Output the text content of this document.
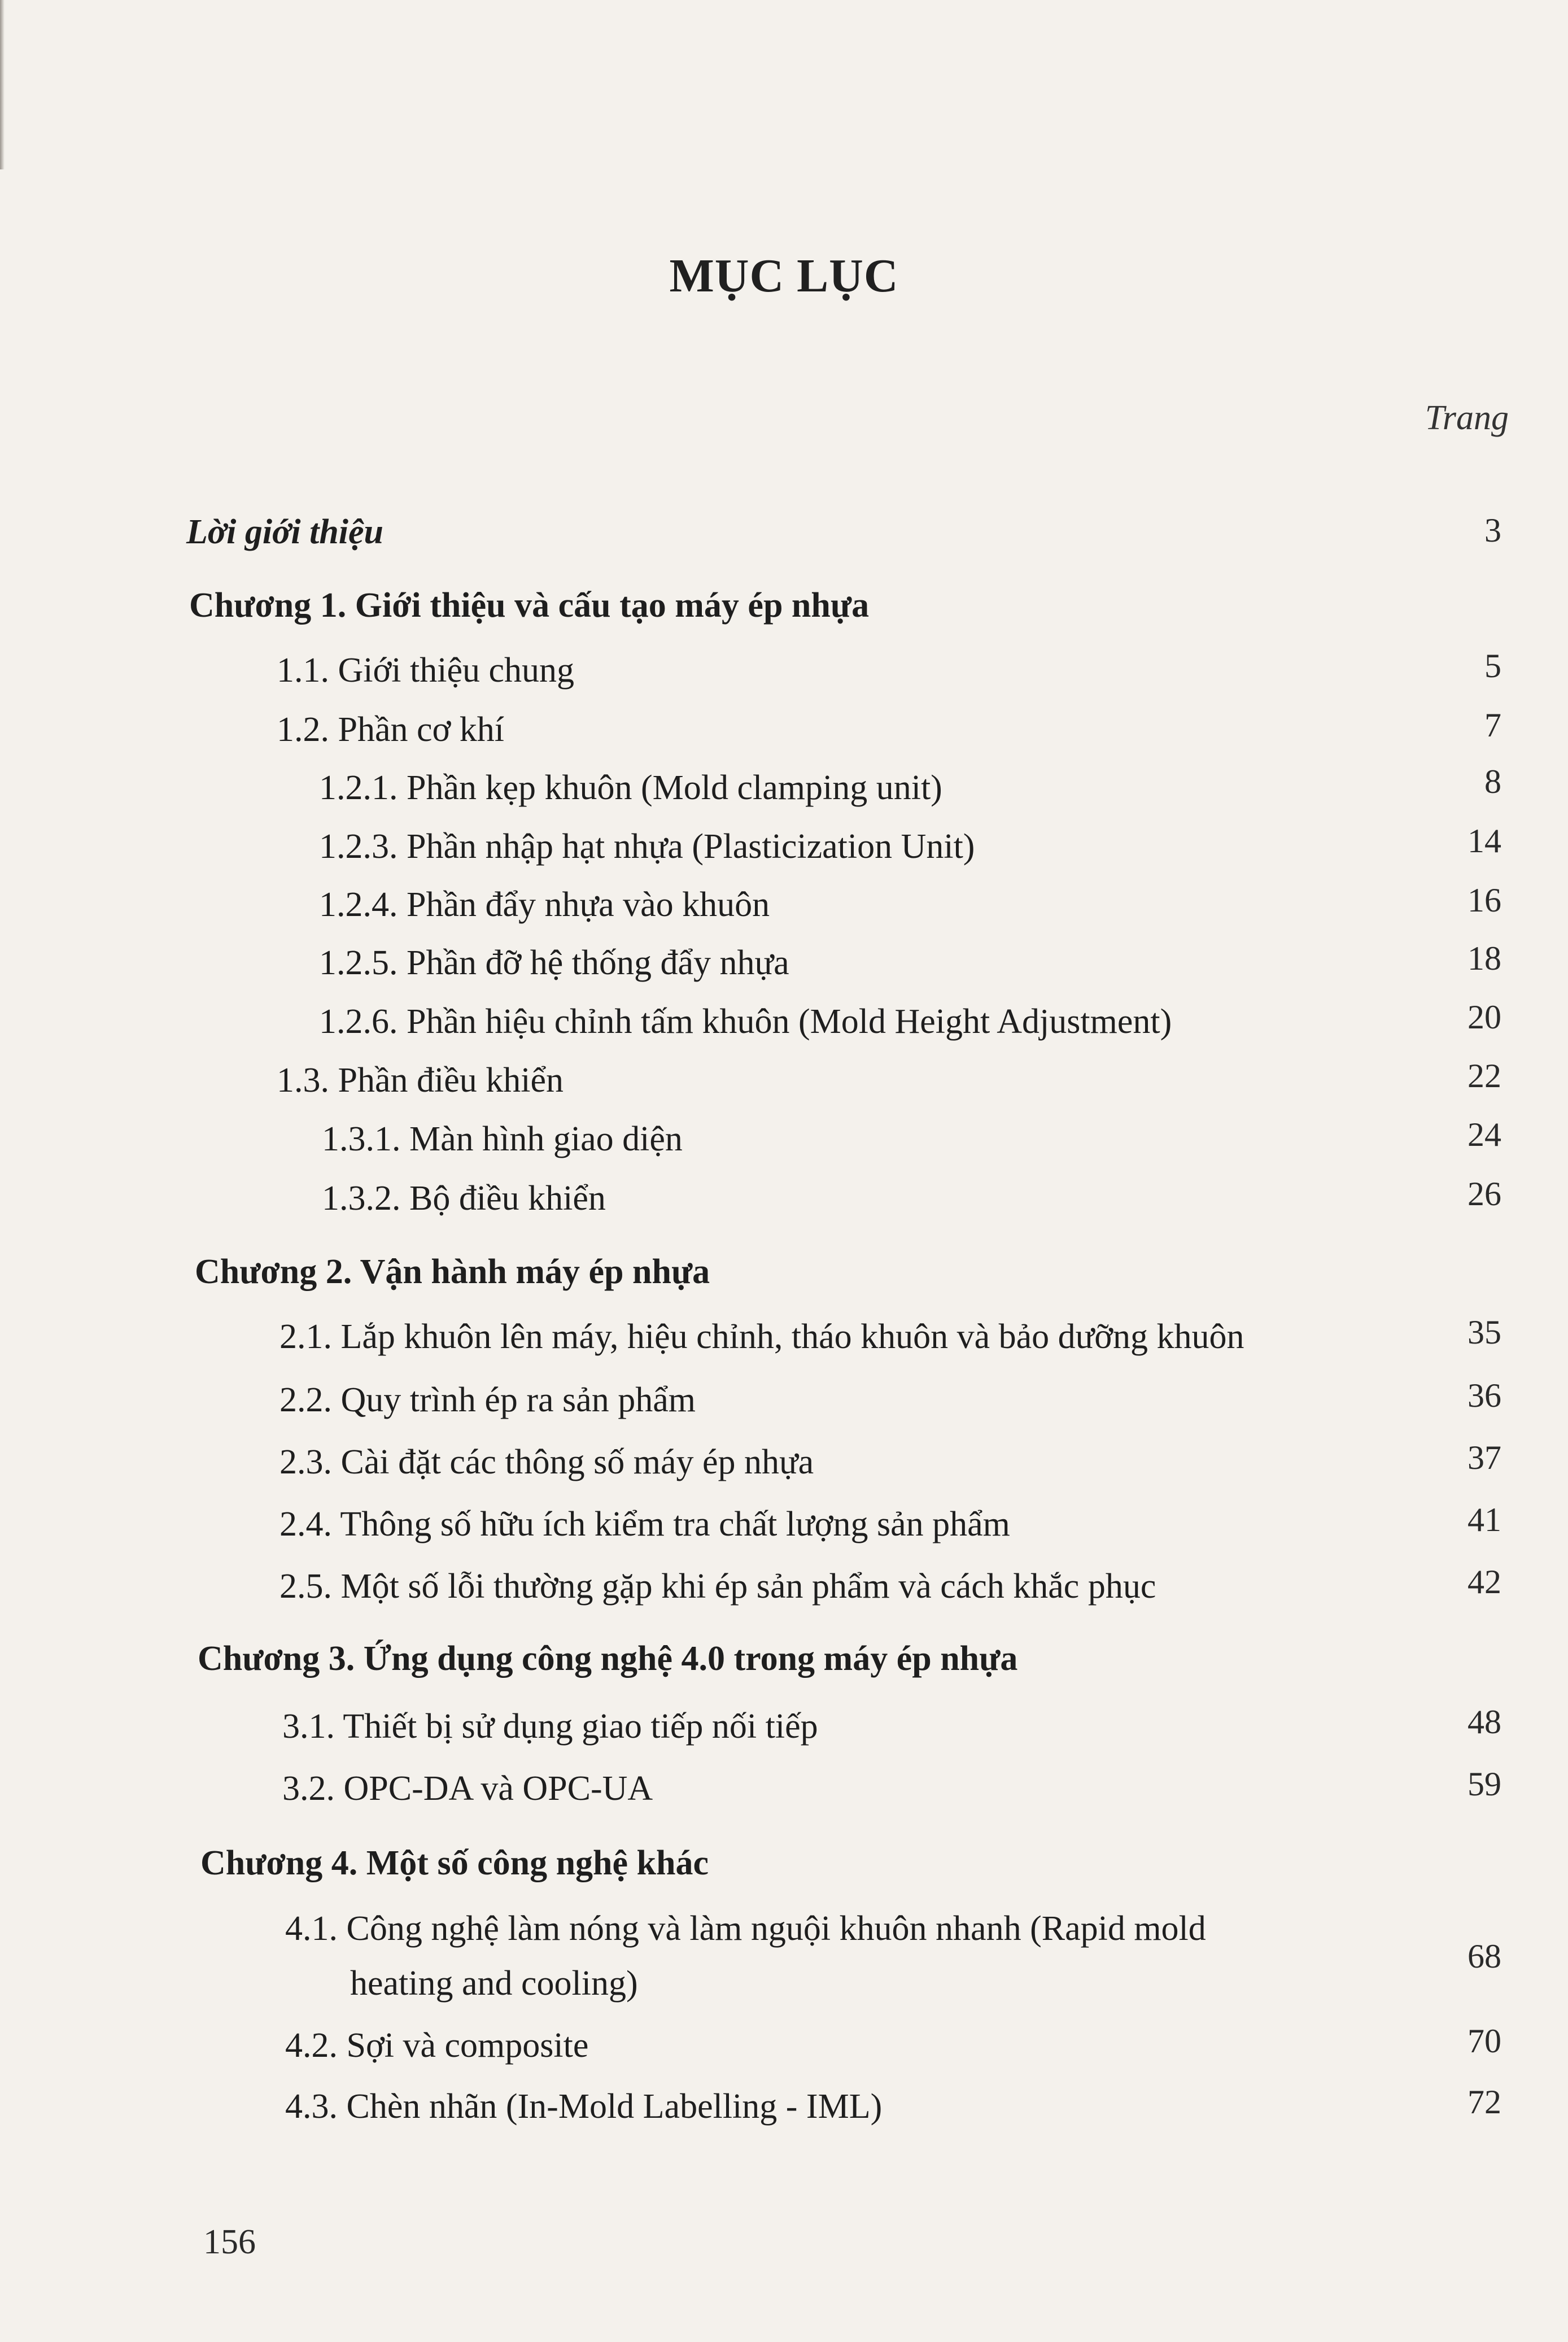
MỤC LỤC
Trang
Lời giới thiệu	3
Chương 1. Giới thiệu và cấu tạo máy ép nhựa
1.1. Giới thiệu chung	5
1.2. Phần cơ khí	7
1.2.1. Phần kẹp khuôn (Mold clamping unit)	8
1.2.3. Phần nhập hạt nhựa (Plasticization Unit)	14
1.2.4. Phần đẩy nhựa vào khuôn	16
1.2.5. Phần đỡ hệ thống đẩy nhựa	18
1.2.6. Phần hiệu chỉnh tấm khuôn (Mold Height Adjustment)	20
1.3. Phần điều khiển	22
1.3.1. Màn hình giao diện	24
1.3.2. Bộ điều khiển	26
Chương 2. Vận hành máy ép nhựa
2.1. Lắp khuôn lên máy, hiệu chỉnh, tháo khuôn và bảo dưỡng khuôn	35
2.2. Quy trình ép ra sản phẩm	36
2.3. Cài đặt các thông số máy ép nhựa	37
2.4. Thông số hữu ích kiểm tra chất lượng sản phẩm	41
2.5. Một số lỗi thường gặp khi ép sản phẩm và cách khắc phục	42
Chương 3. Ứng dụng công nghệ 4.0 trong máy ép nhựa
3.1. Thiết bị sử dụng giao tiếp nối tiếp	48
3.2. OPC-DA và OPC-UA	59
Chương 4. Một số công nghệ khác
4.1. Công nghệ làm nóng và làm nguội khuôn nhanh (Rapid mold
heating and cooling)
68
4.2. Sợi và composite	70
4.3. Chèn nhãn (In-Mold Labelling - IML)	72
156
